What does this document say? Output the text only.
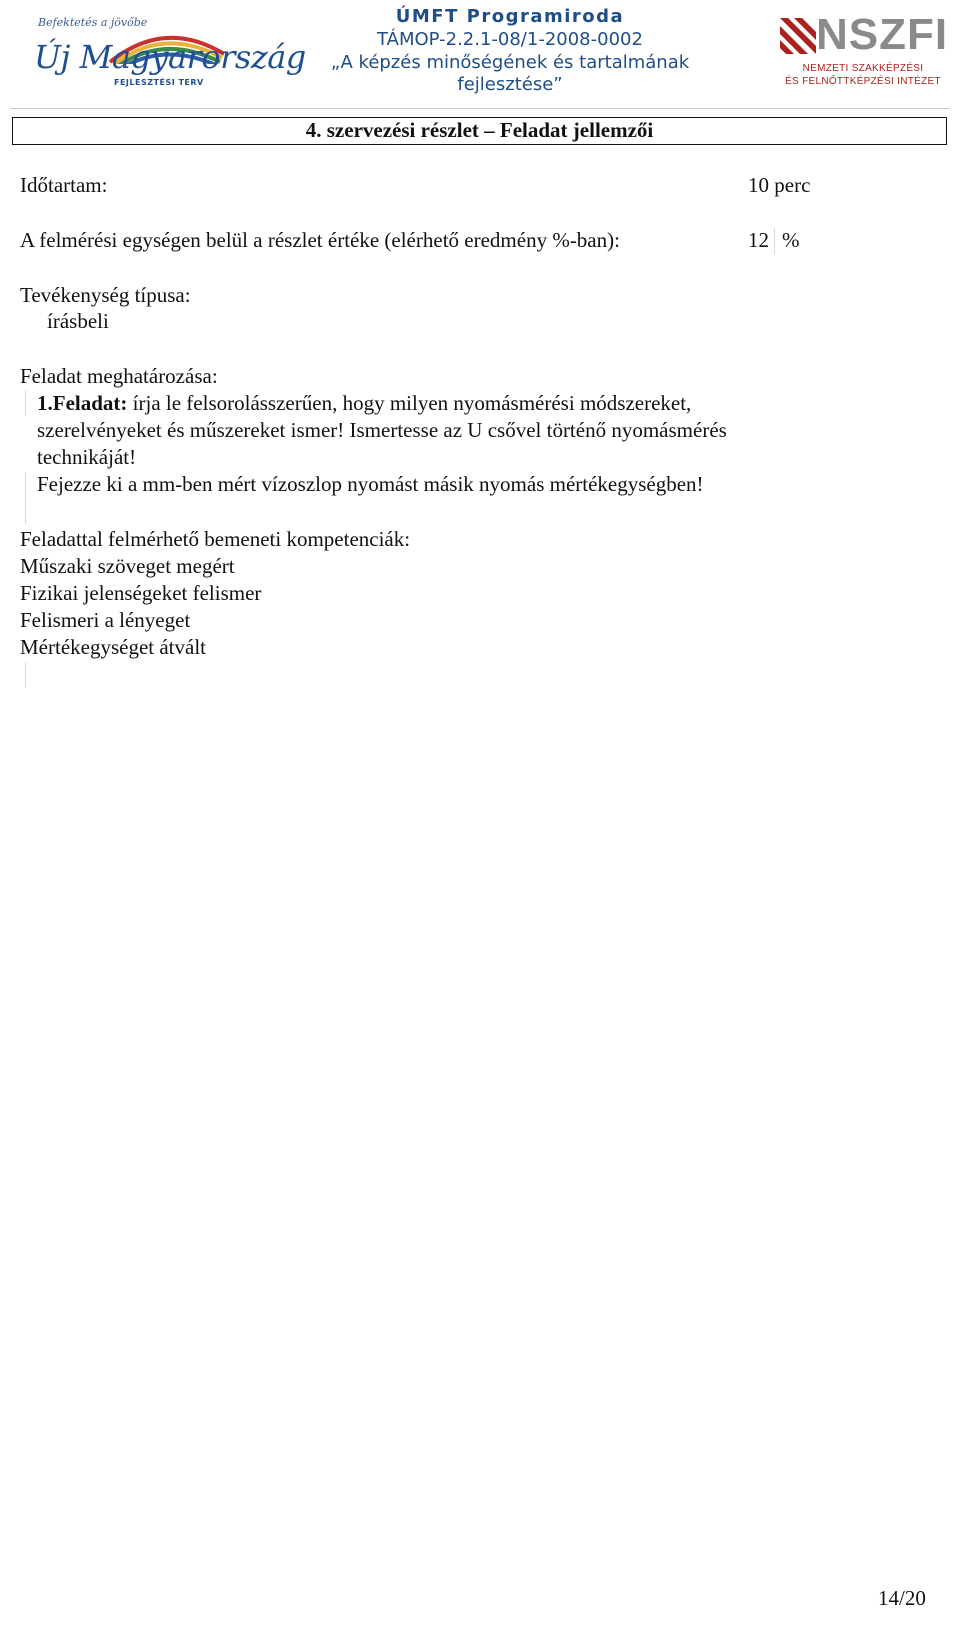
Befektetés a jövőbe
Új Magyarország
FEJLESZTÉSI TERV
ÚMFT Programiroda
TÁMOP-2.2.1-08/1-2008-0002
„A képzés minőségének és tartalmának
fejlesztése”
NSZFI
NEMZETI SZAKKÉPZÉSI
ÉS FELNŐTTKÉPZÉSI INTÉZET
4. szervezési részlet – Feladat jellemzői
Időtartam:	10 perc
A felmérési egységen belül a részlet értéke (elérhető eredmény %-ban):	12 %
Tevékenység típusa:
írásbeli
Feladat meghatározása:
1.Feladat: írja le felsorolásszerűen, hogy milyen nyomásmérési módszereket,
szerelvényeket és műszereket ismer! Ismertesse az U csővel történő nyomásmérés
technikáját!
Fejezze ki a mm-ben mért vízoszlop nyomást másik nyomás mértékegységben!
Feladattal felmérhető bemeneti kompetenciák:
Műszaki szöveget megért
Fizikai jelenségeket felismer
Felismeri a lényeget
Mértékegységet átvált
14/20
